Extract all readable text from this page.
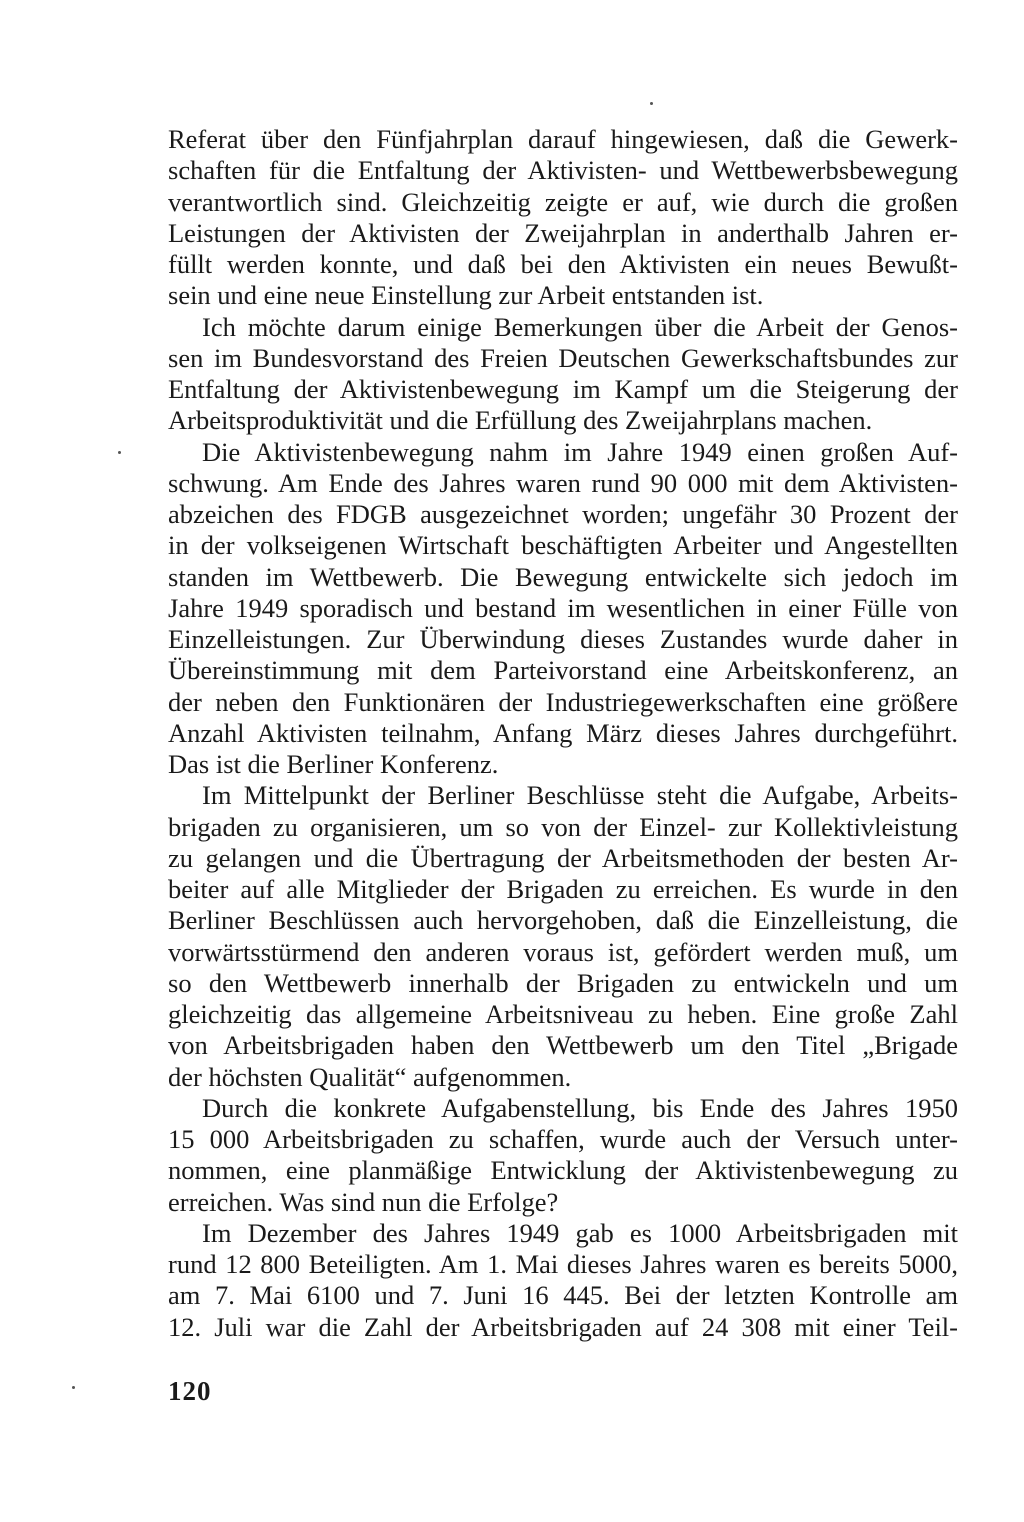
Referat über den Fünfjahrplan darauf hingewiesen, daß die Gewerk-
schaften für die Entfaltung der Aktivisten- und Wettbewerbsbewegung
verantwortlich sind. Gleichzeitig zeigte er auf, wie durch die großen
Leistungen der Aktivisten der Zweijahrplan in anderthalb Jahren er-
füllt werden konnte, und daß bei den Aktivisten ein neues Bewußt-
sein und eine neue Einstellung zur Arbeit entstanden ist.
Ich möchte darum einige Bemerkungen über die Arbeit der Genos-
sen im Bundesvorstand des Freien Deutschen Gewerkschaftsbundes zur
Entfaltung der Aktivistenbewegung im Kampf um die Steigerung der
Arbeitsproduktivität und die Erfüllung des Zweijahrplans machen.
Die Aktivistenbewegung nahm im Jahre 1949 einen großen Auf-
schwung. Am Ende des Jahres waren rund 90 000 mit dem Aktivisten-
abzeichen des FDGB ausgezeichnet worden; ungefähr 30 Prozent der
in der volkseigenen Wirtschaft beschäftigten Arbeiter und Angestellten
standen im Wettbewerb. Die Bewegung entwickelte sich jedoch im
Jahre 1949 sporadisch und bestand im wesentlichen in einer Fülle von
Einzelleistungen. Zur Überwindung dieses Zustandes wurde daher in
Übereinstimmung mit dem Parteivorstand eine Arbeitskonferenz, an
der neben den Funktionären der Industriegewerkschaften eine größere
Anzahl Aktivisten teilnahm, Anfang März dieses Jahres durchgeführt.
Das ist die Berliner Konferenz.
Im Mittelpunkt der Berliner Beschlüsse steht die Aufgabe, Arbeits-
brigaden zu organisieren, um so von der Einzel- zur Kollektivleistung
zu gelangen und die Übertragung der Arbeitsmethoden der besten Ar-
beiter auf alle Mitglieder der Brigaden zu erreichen. Es wurde in den
Berliner Beschlüssen auch hervorgehoben, daß die Einzelleistung, die
vorwärtsstürmend den anderen voraus ist, gefördert werden muß, um
so den Wettbewerb innerhalb der Brigaden zu entwickeln und um
gleichzeitig das allgemeine Arbeitsniveau zu heben. Eine große Zahl
von Arbeitsbrigaden haben den Wettbewerb um den Titel „Brigade
der höchsten Qualität“ aufgenommen.
Durch die konkrete Aufgabenstellung, bis Ende des Jahres 1950
15 000 Arbeitsbrigaden zu schaffen, wurde auch der Versuch unter-
nommen, eine planmäßige Entwicklung der Aktivistenbewegung zu
erreichen. Was sind nun die Erfolge?
Im Dezember des Jahres 1949 gab es 1000 Arbeitsbrigaden mit
rund 12 800 Beteiligten. Am 1. Mai dieses Jahres waren es bereits 5000,
am 7. Mai 6100 und 7. Juni 16 445. Bei der letzten Kontrolle am
12. Juli war die Zahl der Arbeitsbrigaden auf 24 308 mit einer Teil-
120
